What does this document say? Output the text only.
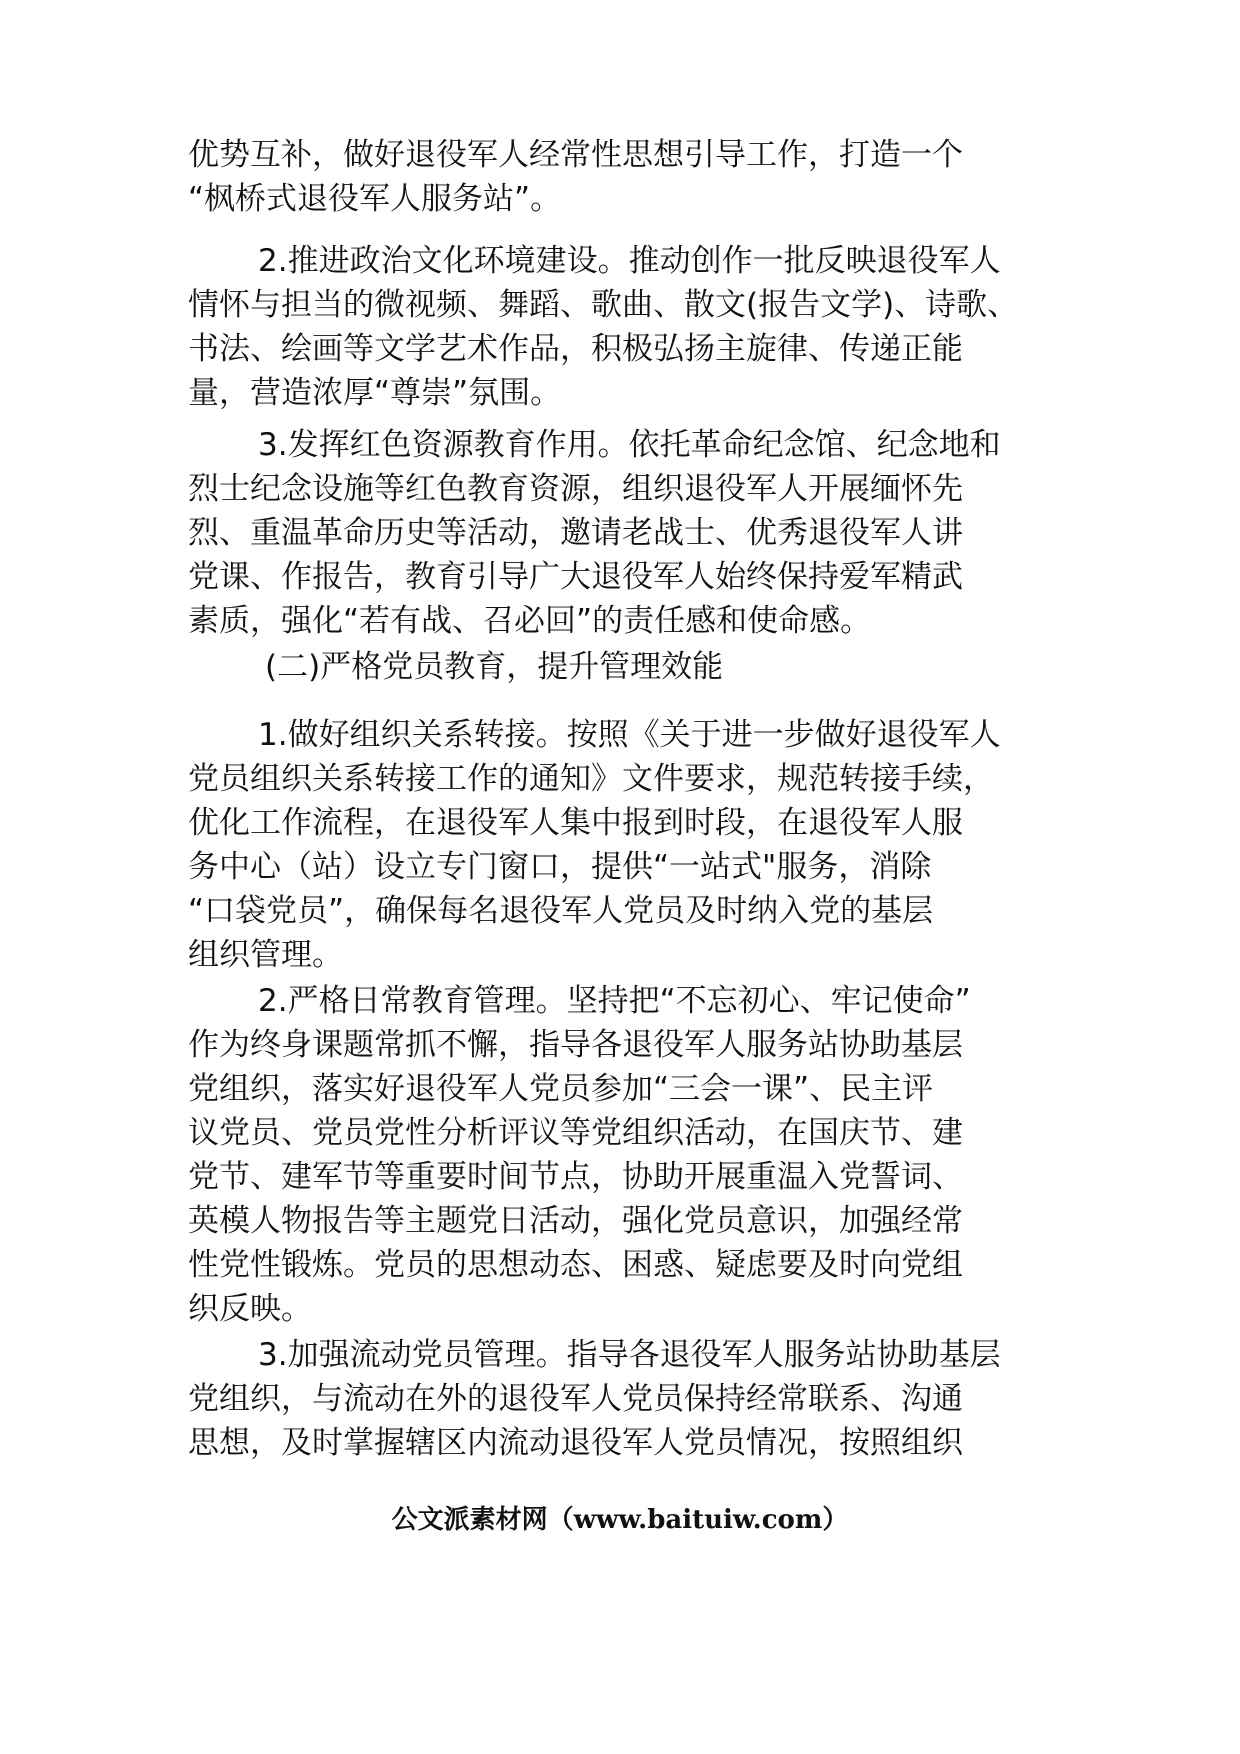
优势互补，做好退役军人经常性思想引导工作，打造一个
“枫桥式退役军人服务站”。
2.推进政治文化环境建设。推动创作一批反映退役军人
情怀与担当的微视频、舞蹈、歌曲、散文(报告文学)、诗歌、
书法、绘画等文学艺术作品，积极弘扬主旋律、传递正能
量，营造浓厚“尊崇”氛围。
3.发挥红色资源教育作用。依托革命纪念馆、纪念地和
烈士纪念设施等红色教育资源，组织退役军人开展缅怀先
烈、重温革命历史等活动，邀请老战士、优秀退役军人讲
党课、作报告，教育引导广大退役军人始终保持爱军精武
素质，强化“若有战、召必回”的责任感和使命感。
(二)严格党员教育，提升管理效能
1.做好组织关系转接。按照《关于进一步做好退役军人
党员组织关系转接工作的通知》文件要求，规范转接手续，
优化工作流程，在退役军人集中报到时段，在退役军人服
务中心（站）设立专门窗口，提供“一站式"服务，消除
“口袋党员”，确保每名退役军人党员及时纳入党的基层
组织管理。
2.严格日常教育管理。坚持把“不忘初心、牢记使命”
作为终身课题常抓不懈，指导各退役军人服务站协助基层
党组织，落实好退役军人党员参加“三会一课”、民主评
议党员、党员党性分析评议等党组织活动，在国庆节、建
党节、建军节等重要时间节点，协助开展重温入党誓词、
英模人物报告等主题党日活动，强化党员意识，加强经常
性党性锻炼。党员的思想动态、困惑、疑虑要及时向党组
织反映。
3.加强流动党员管理。指导各退役军人服务站协助基层
党组织，与流动在外的退役军人党员保持经常联系、沟通
思想，及时掌握辖区内流动退役军人党员情况，按照组织
公文派素材网（www.baituiw.com）
